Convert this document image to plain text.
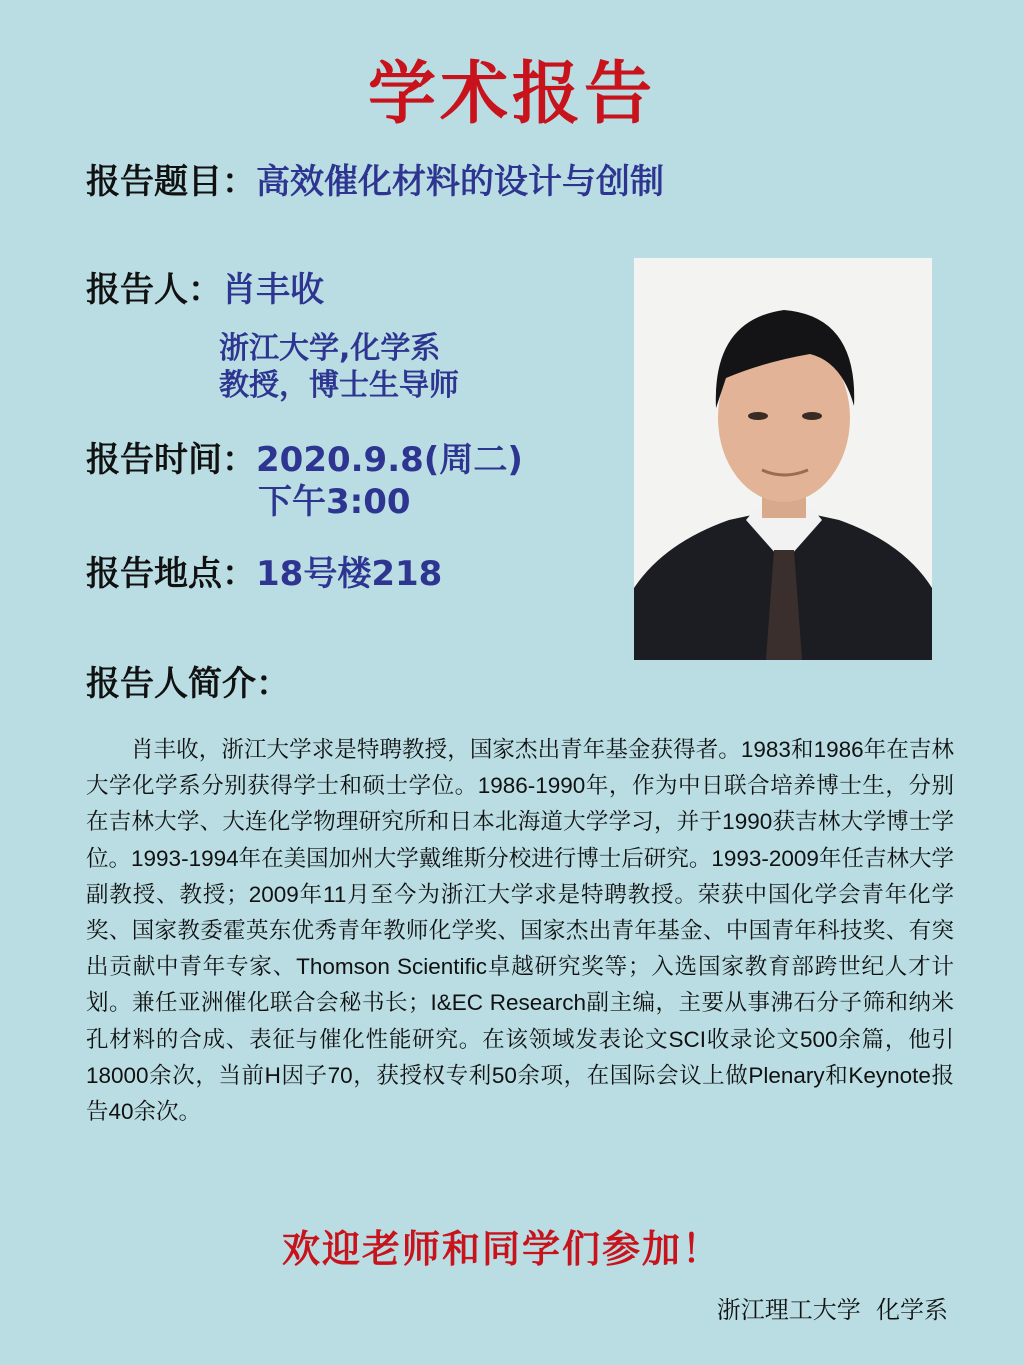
学术报告
报告题目：高效催化材料的设计与创制
报告人：肖丰收
浙江大学,化学系
教授，博士生导师
报告时间：2020.9.8(周二)
下午3:00
报告地点：18号楼218
报告人简介：
肖丰收，浙江大学求是特聘教授，国家杰出青年基金获得者。1983和1986年在吉林大学化学系分别获得学士和硕士学位。1986-1990年，作为中日联合培养博士生，分别在吉林大学、大连化学物理研究所和日本北海道大学学习，并于1990获吉林大学博士学位。1993-1994年在美国加州大学戴维斯分校进行博士后研究。1993-2009年任吉林大学副教授、教授；2009年11月至今为浙江大学求是特聘教授。荣获中国化学会青年化学奖、国家教委霍英东优秀青年教师化学奖、国家杰出青年基金、中国青年科技奖、有突出贡献中青年专家、Thomson Scientific卓越研究奖等；入选国家教育部跨世纪人才计划。兼任亚洲催化联合会秘书长；I&EC Research副主编，主要从事沸石分子筛和纳米孔材料的合成、表征与催化性能研究。在该领域发表论文SCI收录论文500余篇，他引18000余次，当前H因子70，获授权专利50余项，在国际会议上做Plenary和Keynote报告40余次。
欢迎老师和同学们参加！
浙江理工大学  化学系
